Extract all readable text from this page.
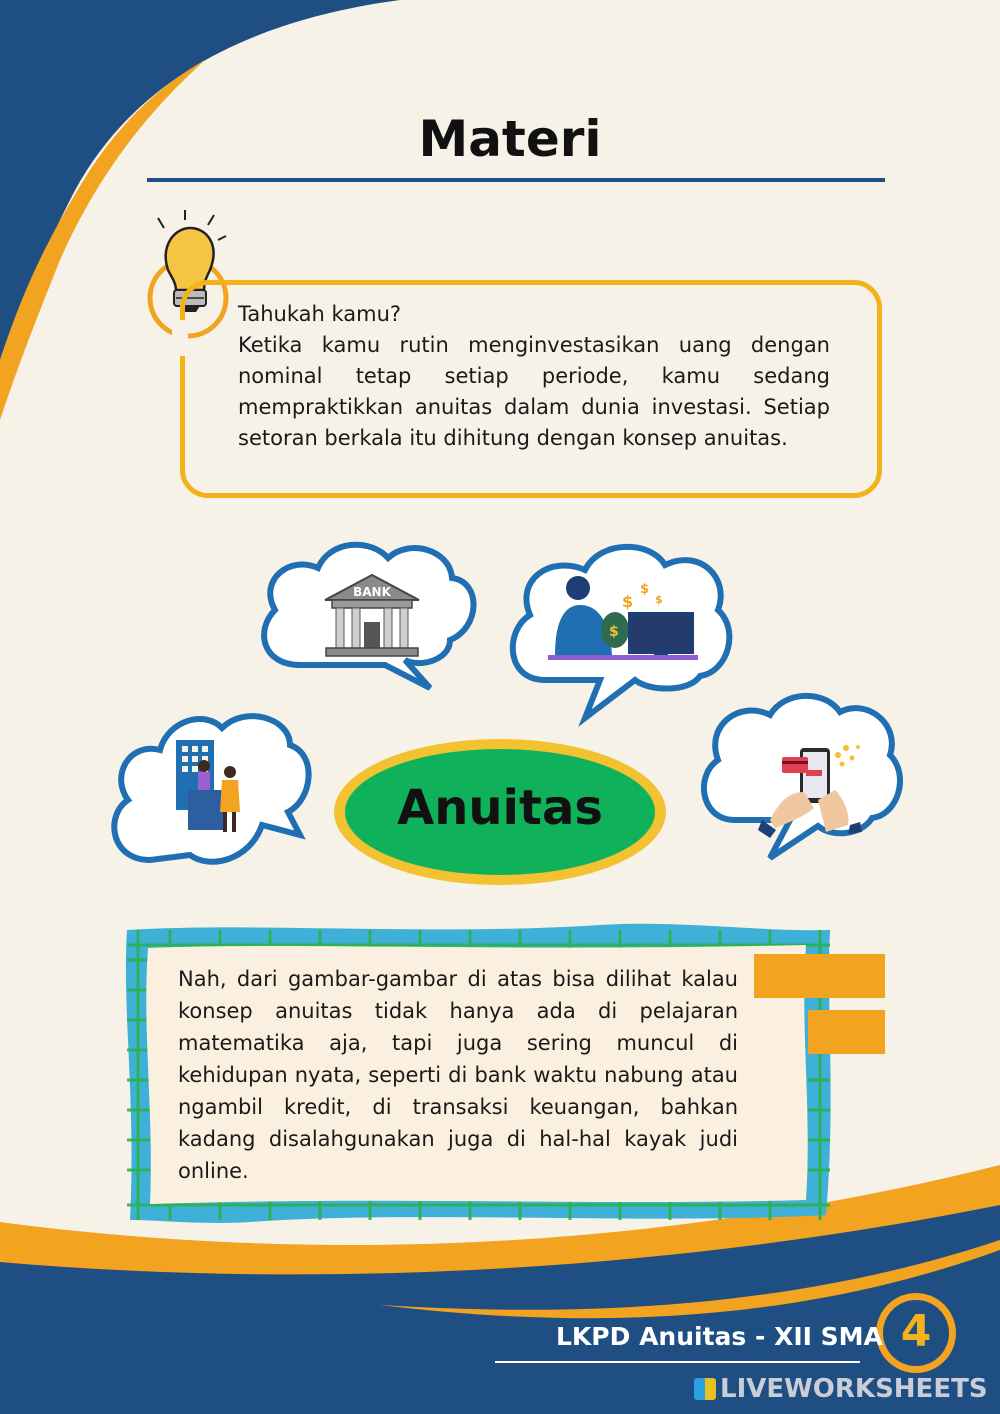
$
$
$
$
Materi
Tahukah kamu?

Ketika kamu rutin menginvestasikan uang dengan nominal tetap setiap periode, kamu sedang mempraktikkan anuitas dalam dunia investasi. Setiap setoran berkala itu dihitung dengan konsep anuitas.

BANK
Anuitas

Nah, dari gambar-gambar di atas bisa dilihat kalau konsep anuitas tidak hanya ada di pelajaran matematika aja, tapi juga sering muncul di kehidupan nyata, seperti di bank waktu nabung atau ngambil kredit, di transaksi keuangan, bahkan kadang disalahgunakan juga di hal-hal kayak judi online.

LKPD Anuitas - XII SMA 4
LIVEWORKSHEETS
